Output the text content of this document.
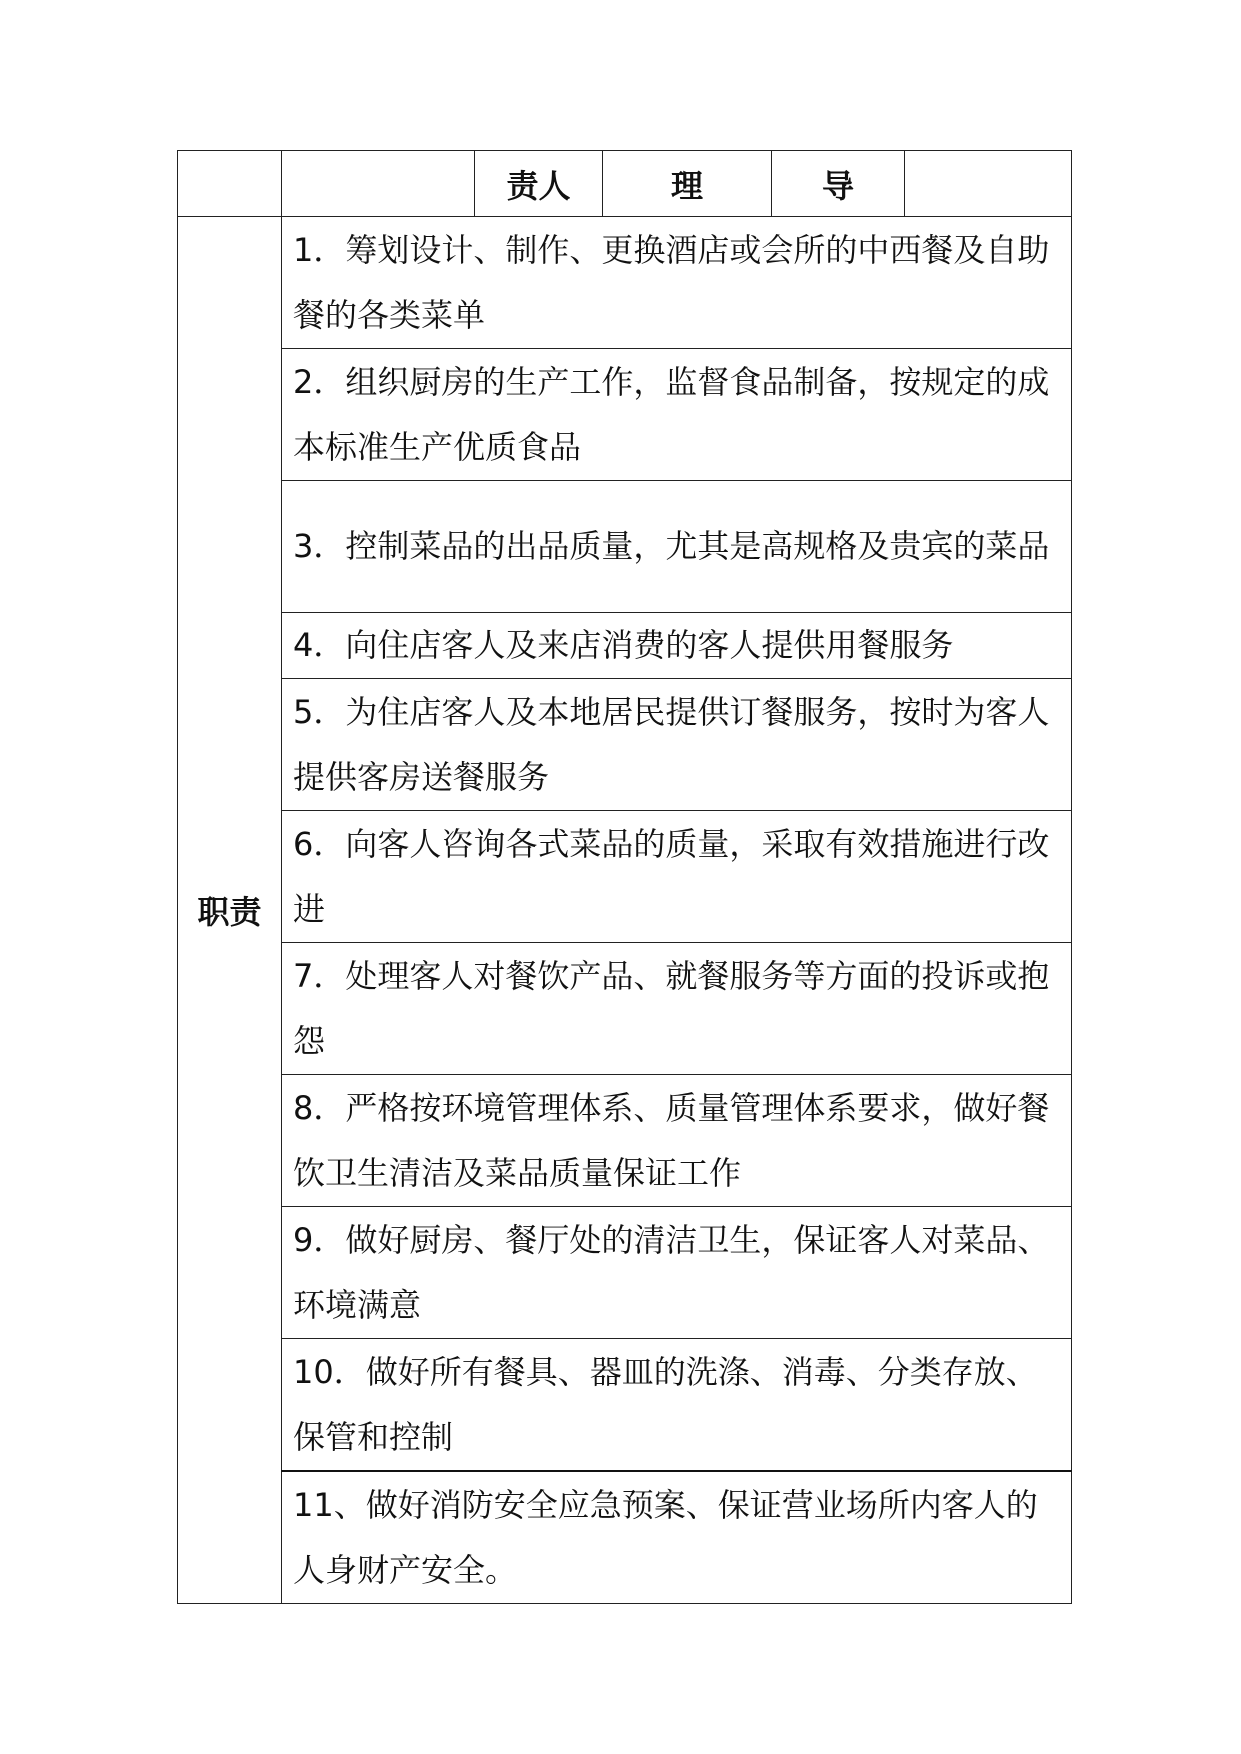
		责人	理	导	
职责	1．筹划设计、制作、更换酒店或会所的中西餐及自助餐的各类菜单				
	2．组织厨房的生产工作，监督食品制备，按规定的成本标准生产优质食品				
	3．控制菜品的出品质量，尤其是高规格及贵宾的菜品				
	4．向住店客人及来店消费的客人提供用餐服务				
	5．为住店客人及本地居民提供订餐服务，按时为客人提供客房送餐服务				
	6．向客人咨询各式菜品的质量，采取有效措施进行改进				
	7．处理客人对餐饮产品、就餐服务等方面的投诉或抱怨				
	8．严格按环境管理体系、质量管理体系要求，做好餐饮卫生清洁及菜品质量保证工作				
	9．做好厨房、餐厅处的清洁卫生，保证客人对菜品、环境满意				
	10．做好所有餐具、器皿的洗涤、消毒、分类存放、保管和控制				
	11、做好消防安全应急预案、保证营业场所内客人的人身财产安全。				
